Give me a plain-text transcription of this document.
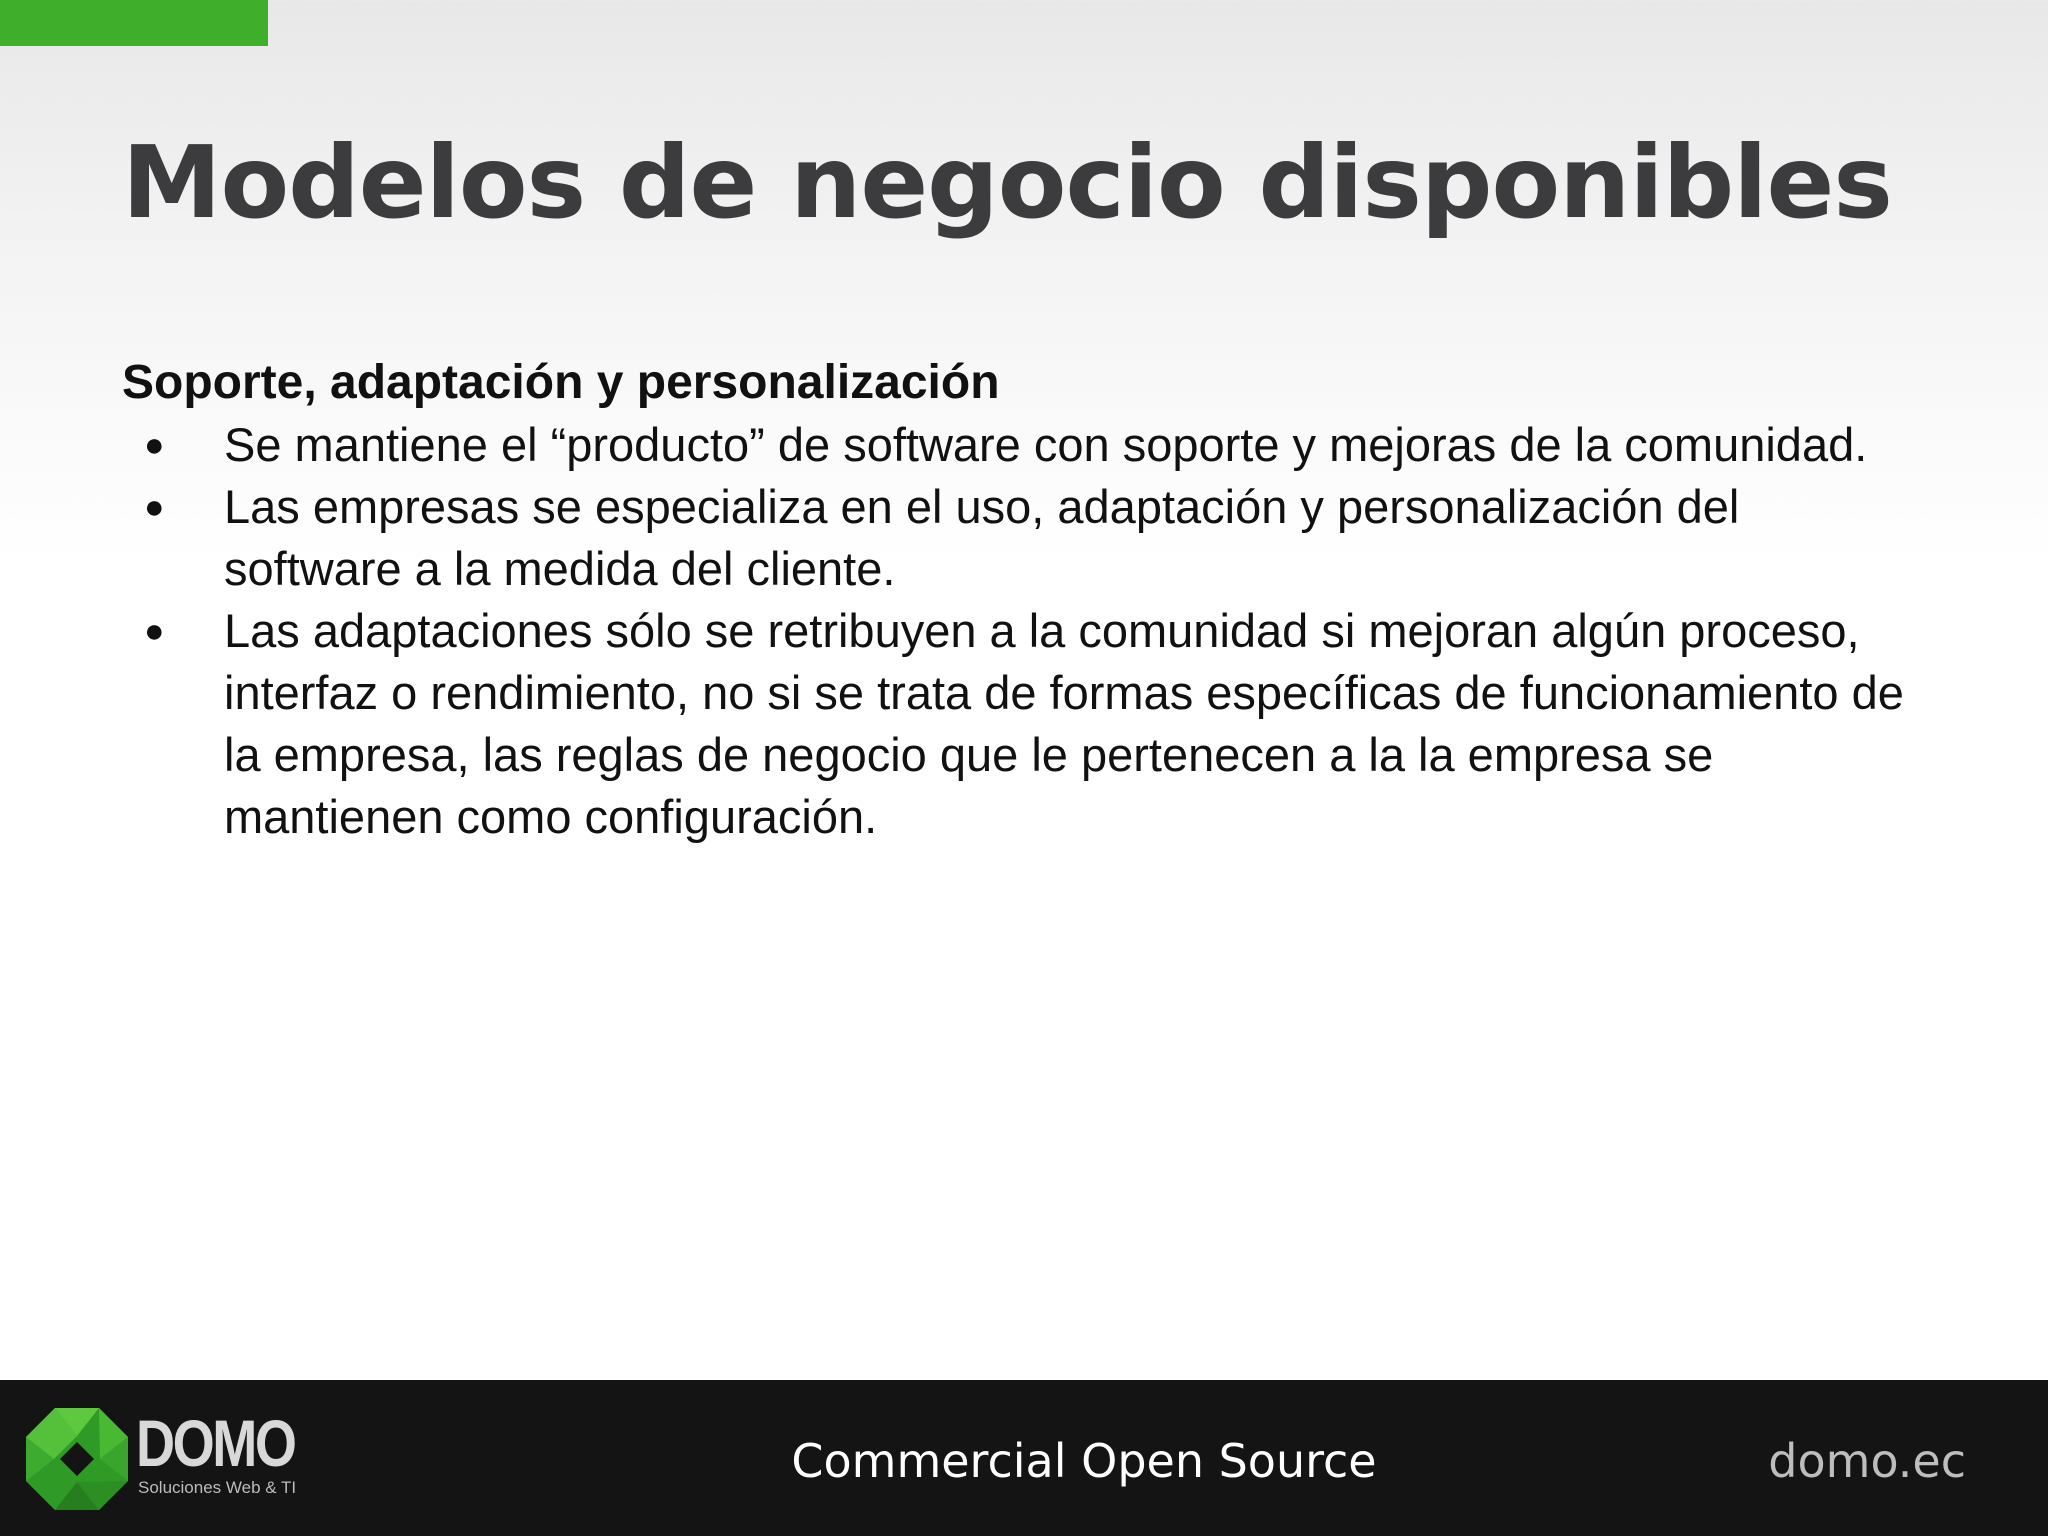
Modelos de negocio disponibles

Soporte, adaptación y personalización

● Se mantiene el “producto” de software con soporte y mejoras de la comunidad.
● Las empresas se especializa en el uso, adaptación y personalización del software a la medida del cliente.
● Las adaptaciones sólo se retribuyen a la comunidad si mejoran algún proceso, interfaz o rendimiento, no si se trata de formas específicas de funcionamiento de la empresa, las reglas de negocio que le pertenecen a la la empresa se mantienen como configuración.
DOMO
Soluciones Web & TI	Commercial Open Source	domo.ec
